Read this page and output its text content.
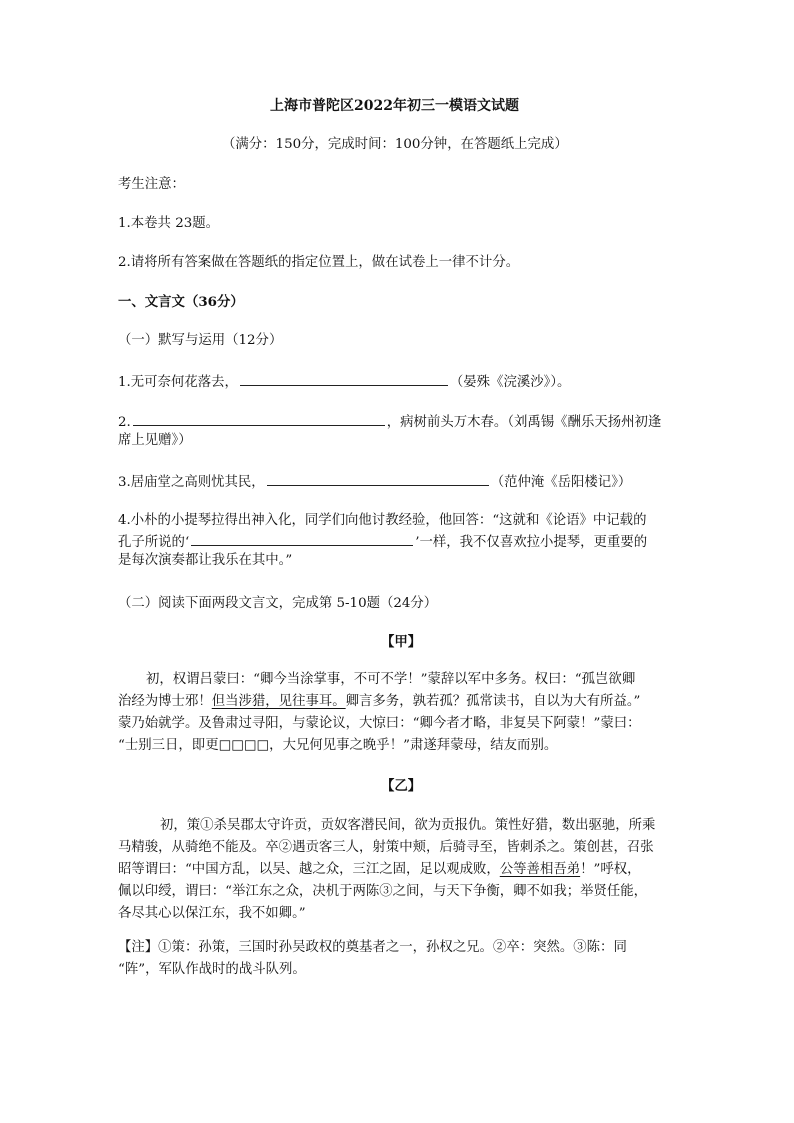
上海市普陀区2022年初三一模语文试题

（满分：150分，完成时间：100分钟，在答题纸上完成）

考生注意：

1.本卷共 23题。

2.请将所有答案做在答题纸的指定位置上，做在试卷上一律不计分。

一、文言文（36分）

（一）默写与运用（12分）

1.无可奈何花落去，	（晏殊《浣溪沙》）。

2.	，病树前头万木春。（刘禹锡《酬乐天扬州初逢

席上见赠》）

3.居庙堂之高则忧其民，	（范仲淹《岳阳楼记》）

4.小朴的小提琴拉得出神入化，同学们向他讨教经验，他回答：“这就和《论语》中记载的

孔子所说的‘	’一样，我不仅喜欢拉小提琴，更重要的

是每次演奏都让我乐在其中。”

（二）阅读下面两段文言文，完成第 5-10题（24分）

【甲】

初，权谓吕蒙曰：“卿今当涂掌事，不可不学！”蒙辞以军中多务。权曰：“孤岂欲卿

治经为博士邪！但当涉猎，见往事耳。卿言多务，孰若孤？孤常读书，自以为大有所益。”

蒙乃始就学。及鲁肃过寻阳，与蒙论议，大惊曰：“卿今者才略，非复吴下阿蒙！”蒙曰：

“士别三日，即更□□□□，大兄何见事之晚乎！”肃遂拜蒙母，结友而别。

【乙】

初，策①杀吴郡太守许贡，贡奴客潜民间，欲为贡报仇。策性好猎，数出驱驰，所乘

马精骏，从骑绝不能及。卒②遇贡客三人，射策中颊，后骑寻至，皆刺杀之。策创甚，召张

昭等谓曰：“中国方乱，以吴、越之众，三江之固，足以观成败，公等善相吾弟！”呼权，

佩以印绶，谓曰：“举江东之众，决机于两陈③之间，与天下争衡，卿不如我；举贤任能，

各尽其心以保江东，我不如卿。”

【注】①策：孙策，三国时孙吴政权的奠基者之一，孙权之兄。②卒：突然。③陈：同

“阵”，军队作战时的战斗队列。
